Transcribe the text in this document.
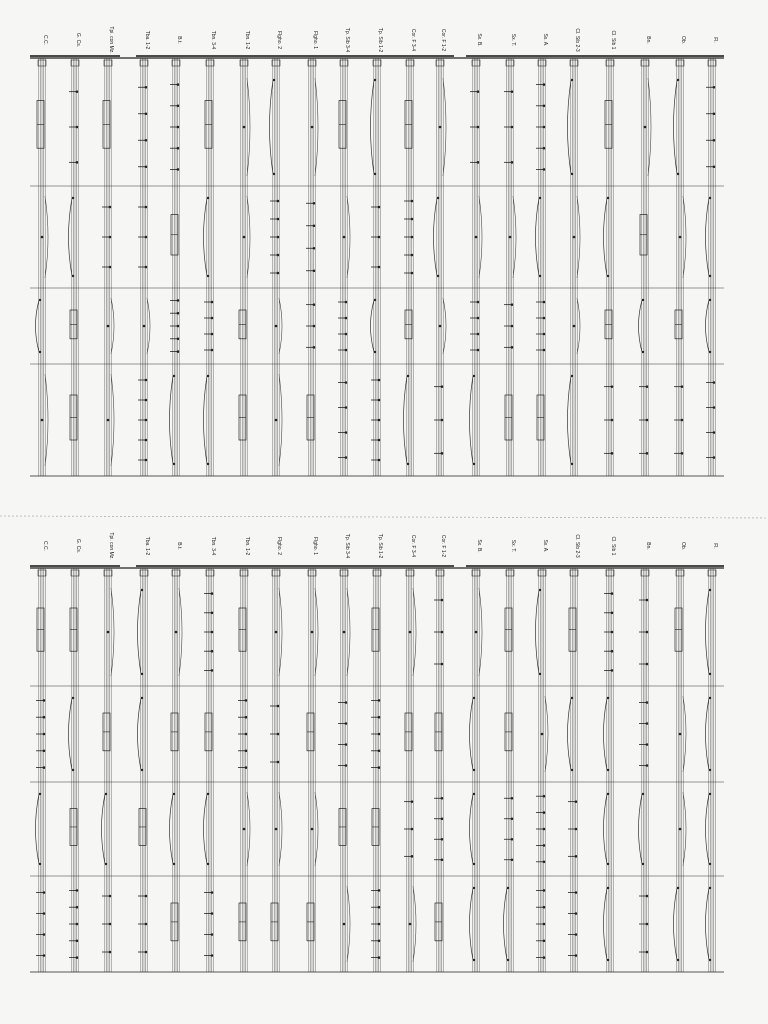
Fl.
Ob.
Bn.
Cl. Sib 1
Cl. Sib 2-3
Sx. A.
Sx. T.
Sx. B.
Cor. F 1-2
Cor. F 3-4
Tp. Sib 1-2
Tp. Sib 3-4
Flgho. 1
Flgho. 2
Tbn. 1-2
Tbn. 3-4
B.t.
Tba. 1-2
Tpi. con Mz.
G. Cs.
C.C.
Fl.
Ob.
Bn.
Cl. Sib 1
Cl. Sib 2-3
Sx. A.
Sx. T.
Sx. B.
Cor. F 1-2
Cor. F 3-4
Tp. Sib 1-2
Tp. Sib 3-4
Flgho. 1
Flgho. 2
Tbn. 1-2
Tbn. 3-4
B.t.
Tba. 1-2
Tpi. con Mz.
G. Cs.
C.C.
